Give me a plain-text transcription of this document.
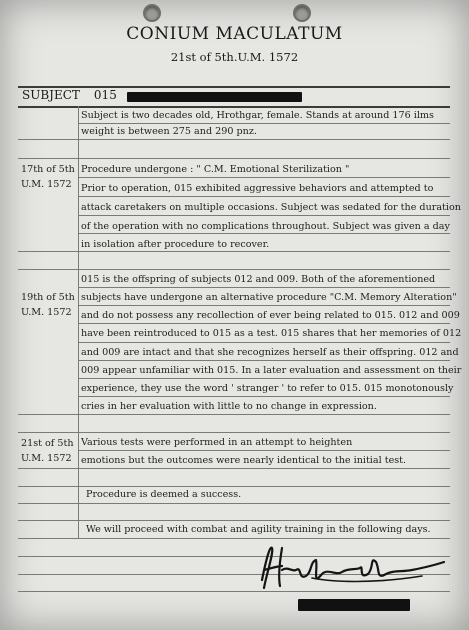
CONIUM MACULATUM
21st of 5th.U.M. 1572
SUBJECT 015
Subject is two decades old, Hrothgar, female. Stands at around 176 ilms
weight is between 275 and 290 pnz.
17th of 5th
U.M. 1572
Procedure undergone : " C.M. Emotional Sterilization "
Prior to operation, 015 exhibited aggressive behaviors and attempted to
attack caretakers on multiple occasions. Subject was sedated for the duration
of the operation with no complications throughout. Subject was given a day
in isolation after procedure to recover.
19th of 5th
U.M. 1572
015 is the offspring of subjects 012 and 009. Both of the aforementioned
subjects have undergone an alternative procedure "C.M. Memory Alteration"
and do not possess any recollection of ever being related to 015. 012 and 009
have been reintroduced to 015 as a test. 015 shares that her memories of 012
and 009 are intact and that she recognizes herself as their offspring. 012 and
009 appear unfamiliar with 015. In a later evaluation and assessment on their
experience, they use the word ' stranger ' to refer to 015. 015 monotonously
cries in her evaluation with little to no change in expression.
21st of 5th
U.M. 1572
Various tests were performed in an attempt to heighten
emotions but the outcomes were nearly identical to the initial test.
Procedure is deemed a success.
We will proceed with combat and agility training in the following days.
